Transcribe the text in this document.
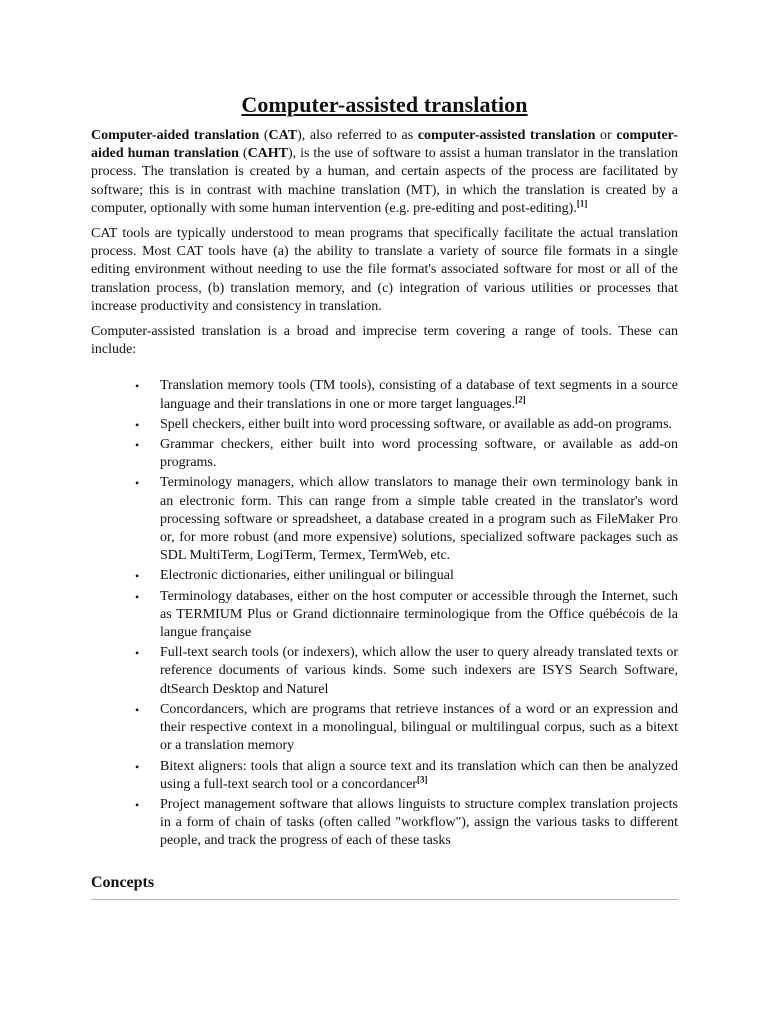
Computer-assisted translation

Computer-aided translation (CAT), also referred to as computer-assisted translation or computer-aided human translation (CAHT), is the use of software to assist a human translator in the translation process. The translation is created by a human, and certain aspects of the process are facilitated by software; this is in contrast with machine translation (MT), in which the translation is created by a computer, optionally with some human intervention (e.g. pre-editing and post-editing).[1]

CAT tools are typically understood to mean programs that specifically facilitate the actual translation process. Most CAT tools have (a) the ability to translate a variety of source file formats in a single editing environment without needing to use the file format's associated software for most or all of the translation process, (b) translation memory, and (c) integration of various utilities or processes that increase productivity and consistency in translation.

Computer-assisted translation is a broad and imprecise term covering a range of tools. These can include:

• Translation memory tools (TM tools), consisting of a database of text segments in a source language and their translations in one or more target languages.[2]
• Spell checkers, either built into word processing software, or available as add-on programs.
• Grammar checkers, either built into word processing software, or available as add-on programs.
• Terminology managers, which allow translators to manage their own terminology bank in an electronic form. This can range from a simple table created in the translator's word processing software or spreadsheet, a database created in a program such as FileMaker Pro or, for more robust (and more expensive) solutions, specialized software packages such as SDL MultiTerm, LogiTerm, Termex, TermWeb, etc.
• Electronic dictionaries, either unilingual or bilingual
• Terminology databases, either on the host computer or accessible through the Internet, such as TERMIUM Plus or Grand dictionnaire terminologique from the Office québécois de la langue française
• Full-text search tools (or indexers), which allow the user to query already translated texts or reference documents of various kinds. Some such indexers are ISYS Search Software, dtSearch Desktop and Naturel
• Concordancers, which are programs that retrieve instances of a word or an expression and their respective context in a monolingual, bilingual or multilingual corpus, such as a bitext or a translation memory
• Bitext aligners: tools that align a source text and its translation which can then be analyzed using a full-text search tool or a concordancer[3]
• Project management software that allows linguists to structure complex translation projects in a form of chain of tasks (often called "workflow"), assign the various tasks to different people, and track the progress of each of these tasks
Concepts
